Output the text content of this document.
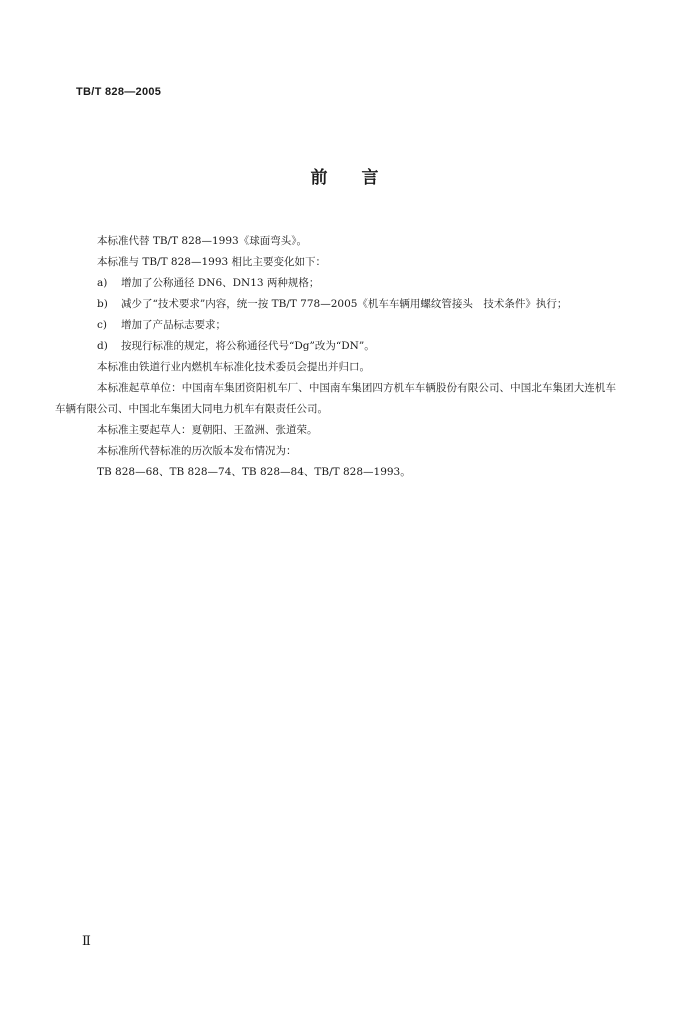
TB/T 828—2005
前言

本标准代替 TB/T 828—1993《球面弯头》。

本标准与 TB/T 828—1993 相比主要变化如下：

a) 增加了公称通径 DN6、DN13 两种规格；

b) 减少了“技术要求”内容，统一按 TB/T 778—2005《机车车辆用螺纹管接头　技术条件》执行；

c) 增加了产品标志要求；

d) 按现行标准的规定，将公称通径代号“Dg”改为“DN”。

本标准由铁道行业内燃机车标准化技术委员会提出并归口。

本标准起草单位：中国南车集团资阳机车厂、中国南车集团四方机车车辆股份有限公司、中国北车集团大连机车车辆有限公司、中国北车集团大同电力机车有限责任公司。

本标准主要起草人：夏朝阳、王盈洲、张道荣。

本标准所代替标准的历次版本发布情况为：

TB 828—68、TB 828—74、TB 828—84、TB/T 828—1993。

Ⅱ
